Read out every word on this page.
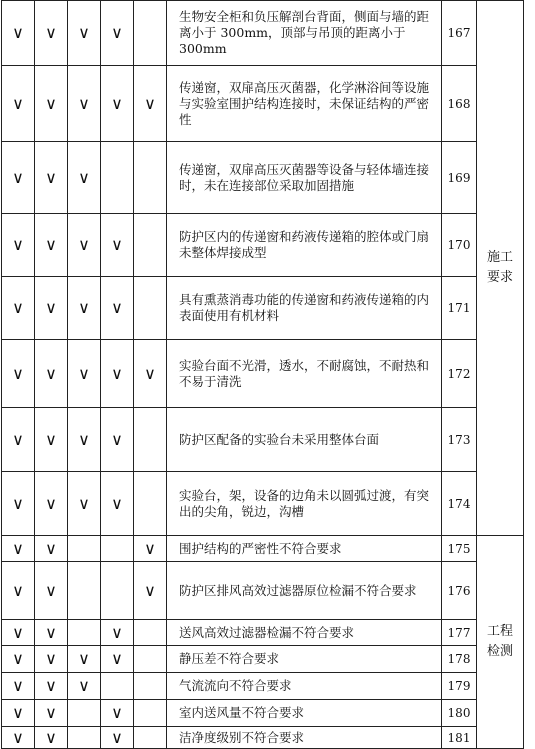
∨	∨	∨	∨		生物安全柜和负压解剖台背面，侧面与墙的距离小于 300mm，顶部与吊顶的距离小于 300mm	167	施工要求
∨	∨	∨	∨	∨	传递窗，双扉高压灭菌器，化学淋浴间等设施与实验室围护结构连接时，未保证结构的严密性	168	
∨	∨	∨			传递窗，双扉高压灭菌器等设备与轻体墙连接时，未在连接部位采取加固措施	169	
∨	∨	∨	∨		防护区内的传递窗和药液传递箱的腔体或门扇未整体焊接成型	170	
∨	∨	∨	∨		具有熏蒸消毒功能的传递窗和药液传递箱的内表面使用有机材料	171	
∨	∨	∨	∨	∨	实验台面不光滑，透水，不耐腐蚀，不耐热和不易于清洗	172	
∨	∨	∨	∨		防护区配备的实验台未采用整体台面	173	
∨	∨	∨	∨		实验台，架，设备的边角未以圆弧过渡，有突出的尖角，锐边，沟槽	174	
∨	∨			∨	围护结构的严密性不符合要求	175	工程检测
∨	∨			∨	防护区排风高效过滤器原位检漏不符合要求	176	
∨	∨		∨		送风高效过滤器检漏不符合要求	177	
∨	∨	∨	∨		静压差不符合要求	178	
∨	∨	∨			气流流向不符合要求	179	
∨	∨		∨		室内送风量不符合要求	180	
∨	∨		∨		洁净度级别不符合要求	181	
